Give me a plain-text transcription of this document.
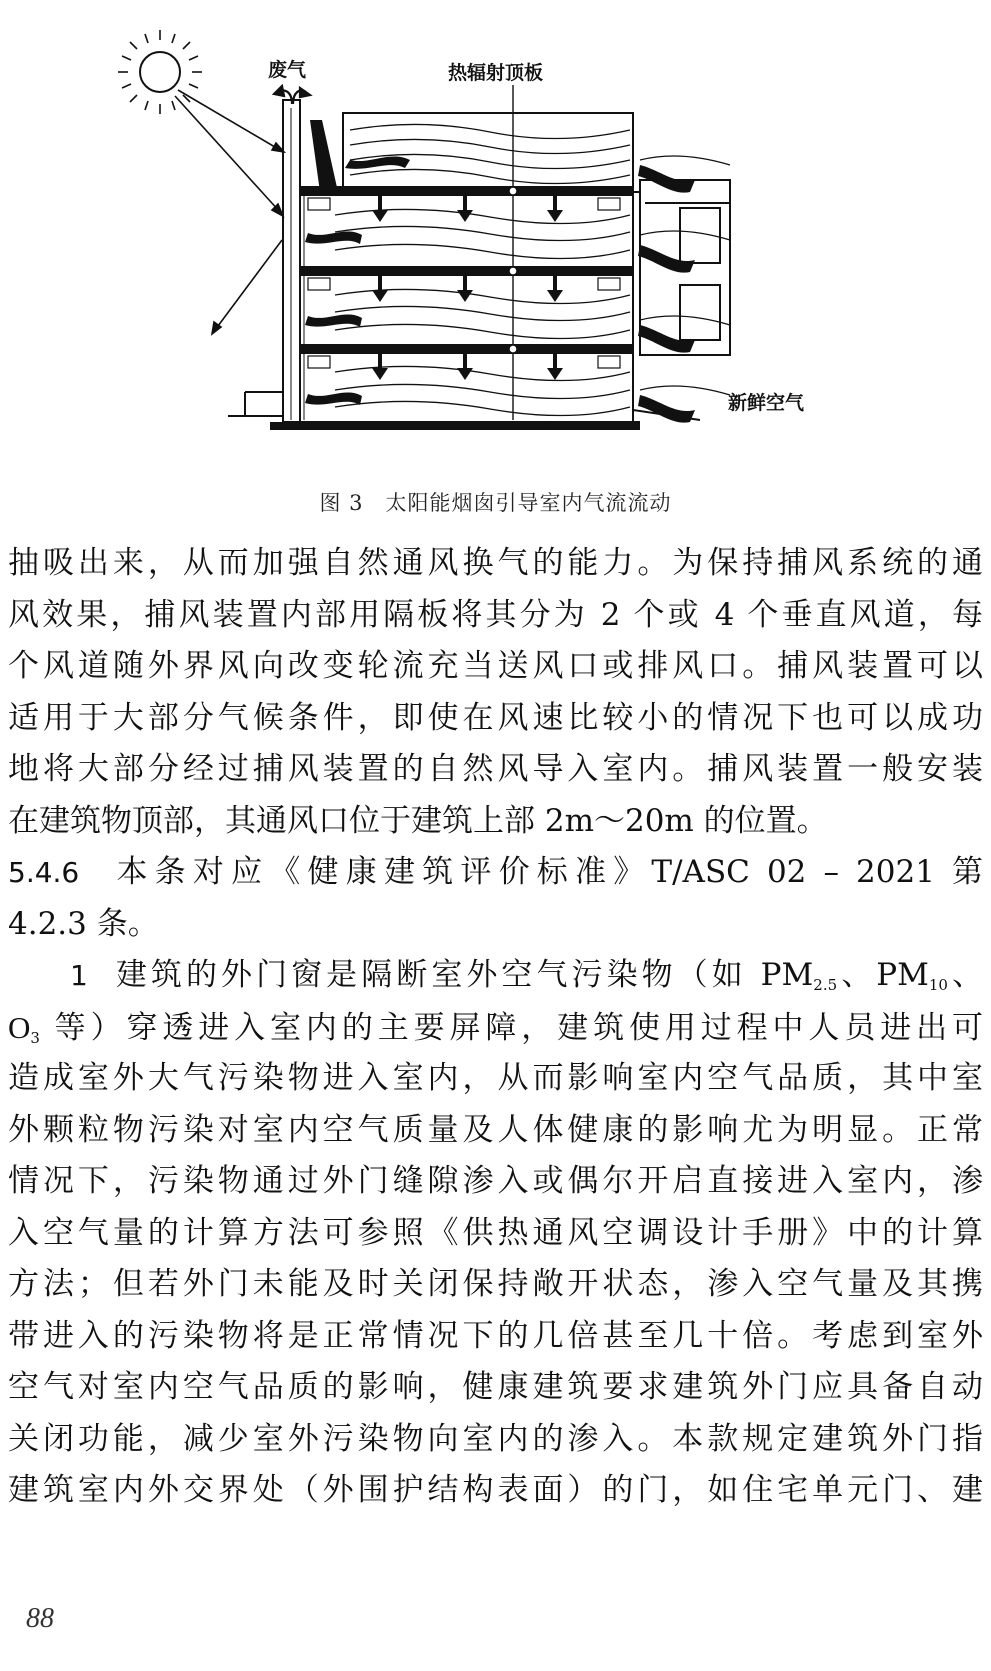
废气	热辐射顶板
新鲜空气
图 3 太阳能烟囱引导室内气流流动
抽吸出来，从而加强自然通风换气的能力。为保持捕风系统的通
风效果，捕风装置内部用隔板将其分为 2 个或 4 个垂直风道，每
个风道随外界风向改变轮流充当送风口或排风口。捕风装置可以
适用于大部分气候条件，即使在风速比较小的情况下也可以成功
地将大部分经过捕风装置的自然风导入室内。捕风装置一般安装
在建筑物顶部，其通风口位于建筑上部 2m～20m 的位置。
5.4.6 本条对应《健康建筑评价标准》T/ASC 02 – 2021 第
4.2.3 条。
1 建筑的外门窗是隔断室外空气污染物（如 $PM_{2.5}$、$PM_{10}$、
$O_3$ 等）穿透进入室内的主要屏障，建筑使用过程中人员进出可
造成室外大气污染物进入室内，从而影响室内空气品质，其中室
外颗粒物污染对室内空气质量及人体健康的影响尤为明显。正常
情况下，污染物通过外门缝隙渗入或偶尔开启直接进入室内，渗
入空气量的计算方法可参照《供热通风空调设计手册》中的计算
方法；但若外门未能及时关闭保持敞开状态，渗入空气量及其携
带进入的污染物将是正常情况下的几倍甚至几十倍。考虑到室外
空气对室内空气品质的影响，健康建筑要求建筑外门应具备自动
关闭功能，减少室外污染物向室内的渗入。本款规定建筑外门指
建筑室内外交界处（外围护结构表面）的门，如住宅单元门、建
88
